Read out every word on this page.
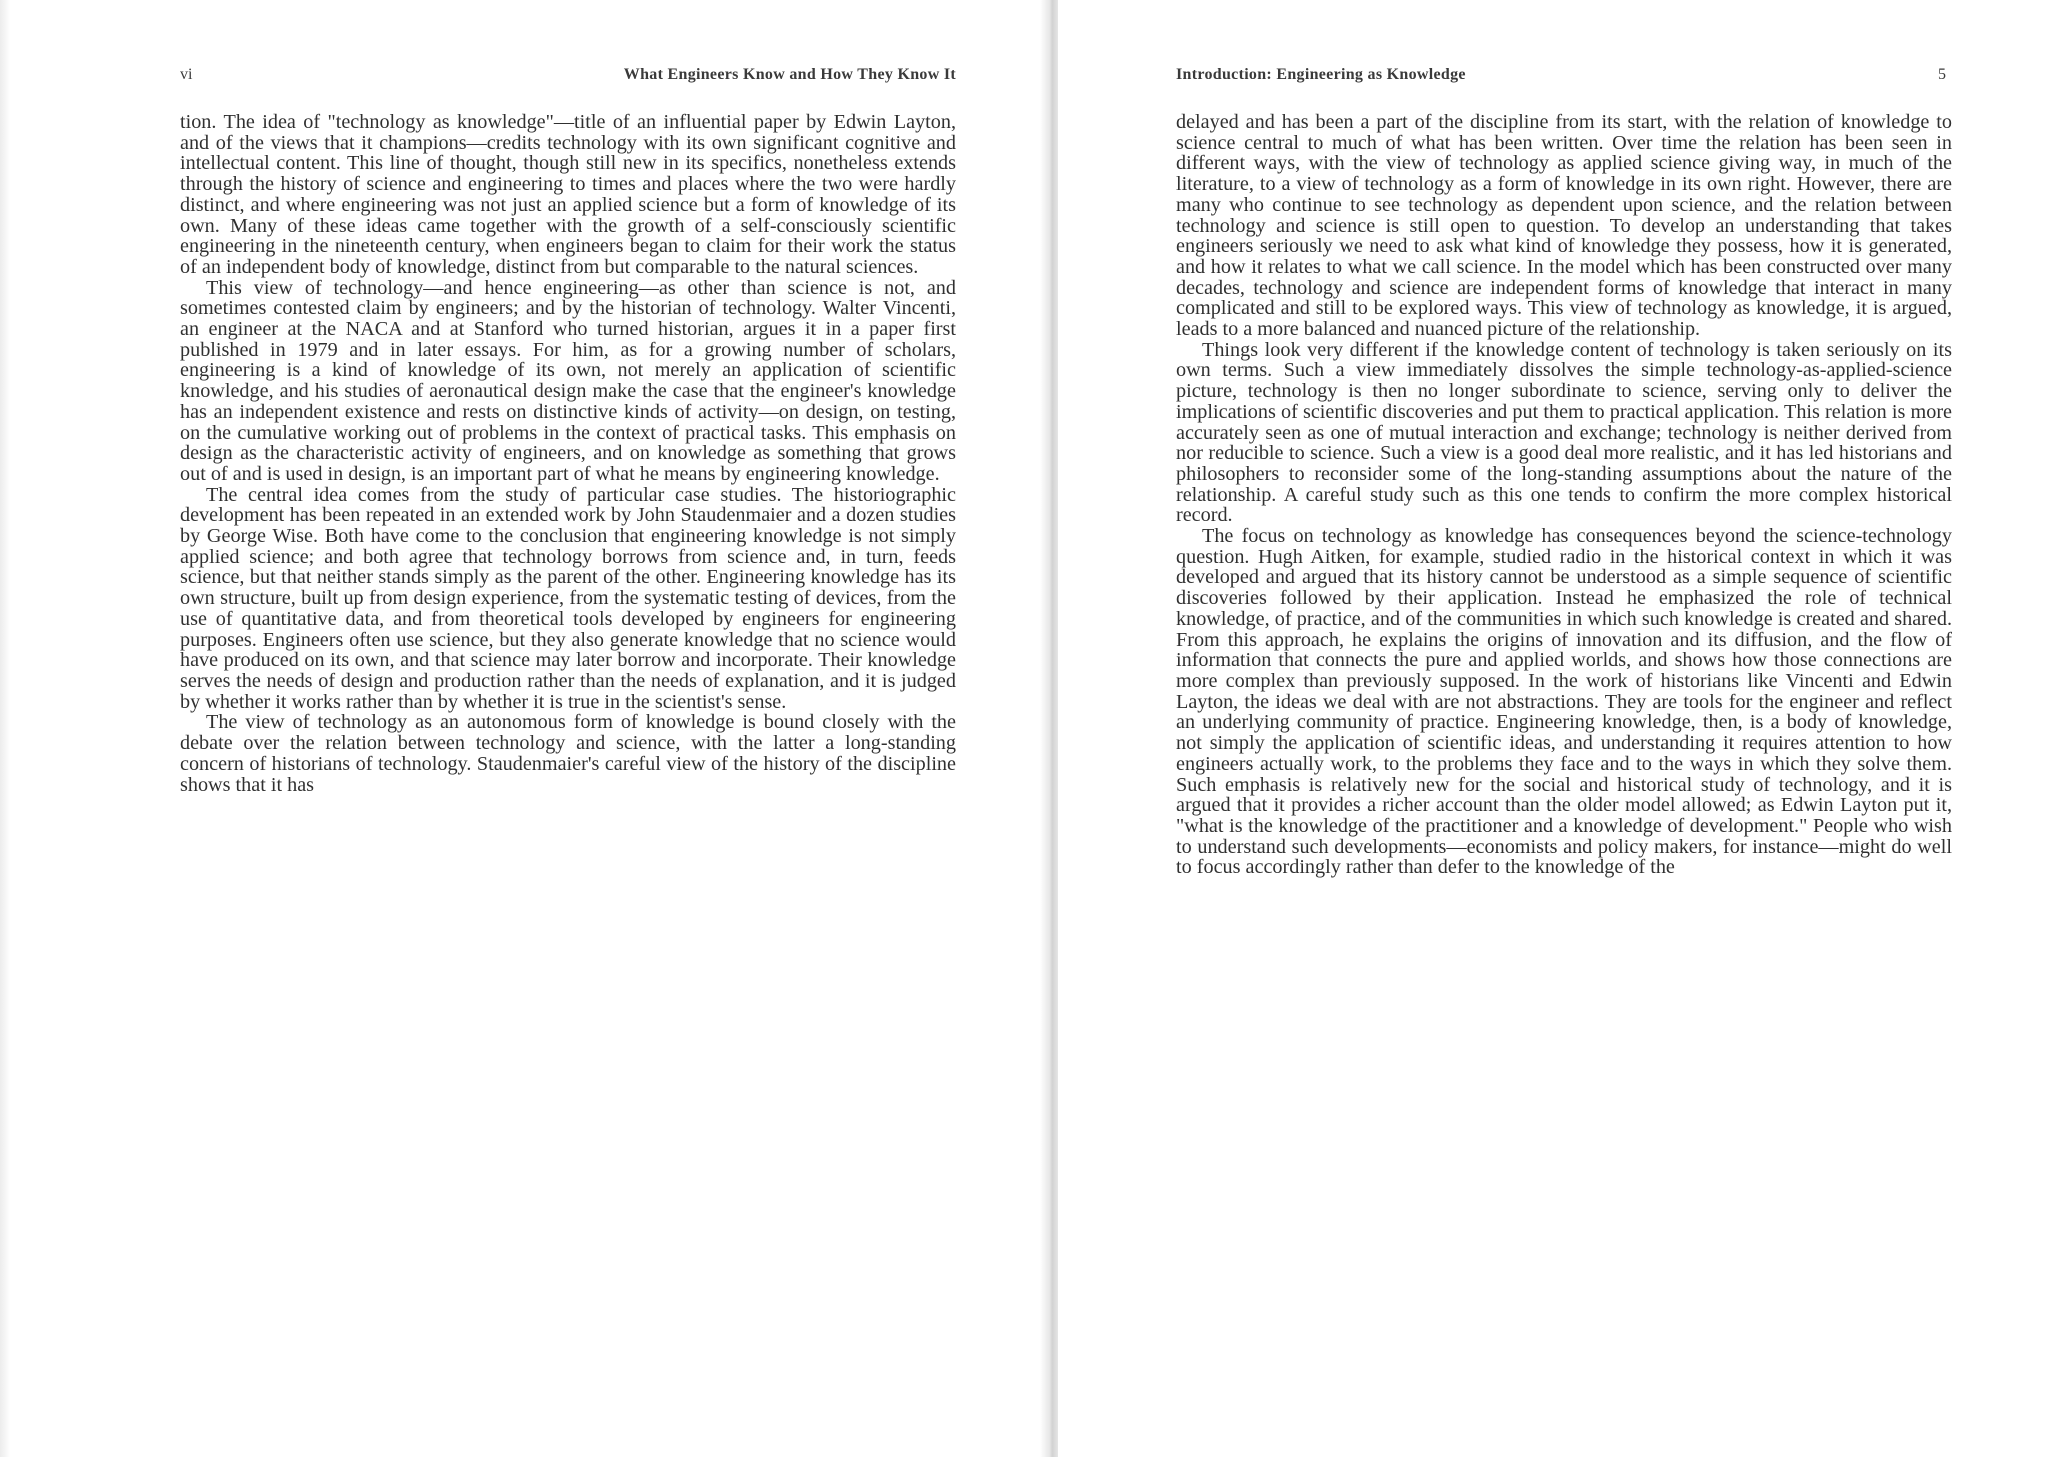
vi	What Engineers Know and How They Know It

tion. The idea of "technology as knowledge"—title of an influential paper by Edwin Layton, and of the views that it champions—credits technology with its own significant cognitive and intellectual content. This line of thought, though still new in its specifics, nonetheless extends through the history of science and engineering to times and places where the two were hardly distinct, and where engineering was not just an applied science but a form of knowledge of its own. Many of these ideas came together with the growth of a self-consciously scientific engineering in the nineteenth century, when engineers began to claim for their work the status of an independent body of knowledge, distinct from but comparable to the natural sciences.

This view of technology—and hence engineering—as other than science is not, and sometimes contested claim by engineers; and by the historian of technology. Walter Vincenti, an engineer at the NACA and at Stanford who turned historian, argues it in a paper first published in 1979 and in later essays. For him, as for a growing number of scholars, engineering is a kind of knowledge of its own, not merely an application of scientific knowledge, and his studies of aeronautical design make the case that the engineer's knowledge has an independent existence and rests on distinctive kinds of activity—on design, on testing, on the cumulative working out of problems in the context of practical tasks. This emphasis on design as the characteristic activity of engineers, and on knowledge as something that grows out of and is used in design, is an important part of what he means by engineering knowledge.

The central idea comes from the study of particular case studies. The historiographic development has been repeated in an extended work by John Staudenmaier and a dozen studies by George Wise. Both have come to the conclusion that engineering knowledge is not simply applied science; and both agree that technology borrows from science and, in turn, feeds science, but that neither stands simply as the parent of the other. Engineering knowledge has its own structure, built up from design experience, from the systematic testing of devices, from the use of quantitative data, and from theoretical tools developed by engineers for engineering purposes. Engineers often use science, but they also generate knowledge that no science would have produced on its own, and that science may later borrow and incorporate. Their knowledge serves the needs of design and production rather than the needs of explanation, and it is judged by whether it works rather than by whether it is true in the scientist's sense.

The view of technology as an autonomous form of knowledge is bound closely with the debate over the relation between technology and science, with the latter a long-standing concern of historians of technology. Staudenmaier's careful view of the history of the discipline shows that it has

Introduction: Engineering as Knowledge	5

delayed and has been a part of the discipline from its start, with the relation of knowledge to science central to much of what has been written. Over time the relation has been seen in different ways, with the view of technology as applied science giving way, in much of the literature, to a view of technology as a form of knowledge in its own right. However, there are many who continue to see technology as dependent upon science, and the relation between technology and science is still open to question. To develop an understanding that takes engineers seriously we need to ask what kind of knowledge they possess, how it is generated, and how it relates to what we call science. In the model which has been constructed over many decades, technology and science are independent forms of knowledge that interact in many complicated and still to be explored ways. This view of technology as knowledge, it is argued, leads to a more balanced and nuanced picture of the relationship.

Things look very different if the knowledge content of technology is taken seriously on its own terms. Such a view immediately dissolves the simple technology-as-applied-science picture, technology is then no longer subordinate to science, serving only to deliver the implications of scientific discoveries and put them to practical application. This relation is more accurately seen as one of mutual interaction and exchange; technology is neither derived from nor reducible to science. Such a view is a good deal more realistic, and it has led historians and philosophers to reconsider some of the long-standing assumptions about the nature of the relationship. A careful study such as this one tends to confirm the more complex historical record.

The focus on technology as knowledge has consequences beyond the science-technology question. Hugh Aitken, for example, studied radio in the historical context in which it was developed and argued that its history cannot be understood as a simple sequence of scientific discoveries followed by their application. Instead he emphasized the role of technical knowledge, of practice, and of the communities in which such knowledge is created and shared. From this approach, he explains the origins of innovation and its diffusion, and the flow of information that connects the pure and applied worlds, and shows how those connections are more complex than previously supposed. In the work of historians like Vincenti and Edwin Layton, the ideas we deal with are not abstractions. They are tools for the engineer and reflect an underlying community of practice. Engineering knowledge, then, is a body of knowledge, not simply the application of scientific ideas, and understanding it requires attention to how engineers actually work, to the problems they face and to the ways in which they solve them. Such emphasis is relatively new for the social and historical study of technology, and it is argued that it provides a richer account than the older model allowed; as Edwin Layton put it, "what is the knowledge of the practitioner and a knowledge of development." People who wish to understand such developments—economists and policy makers, for instance—might do well to focus accordingly rather than defer to the knowledge of the
